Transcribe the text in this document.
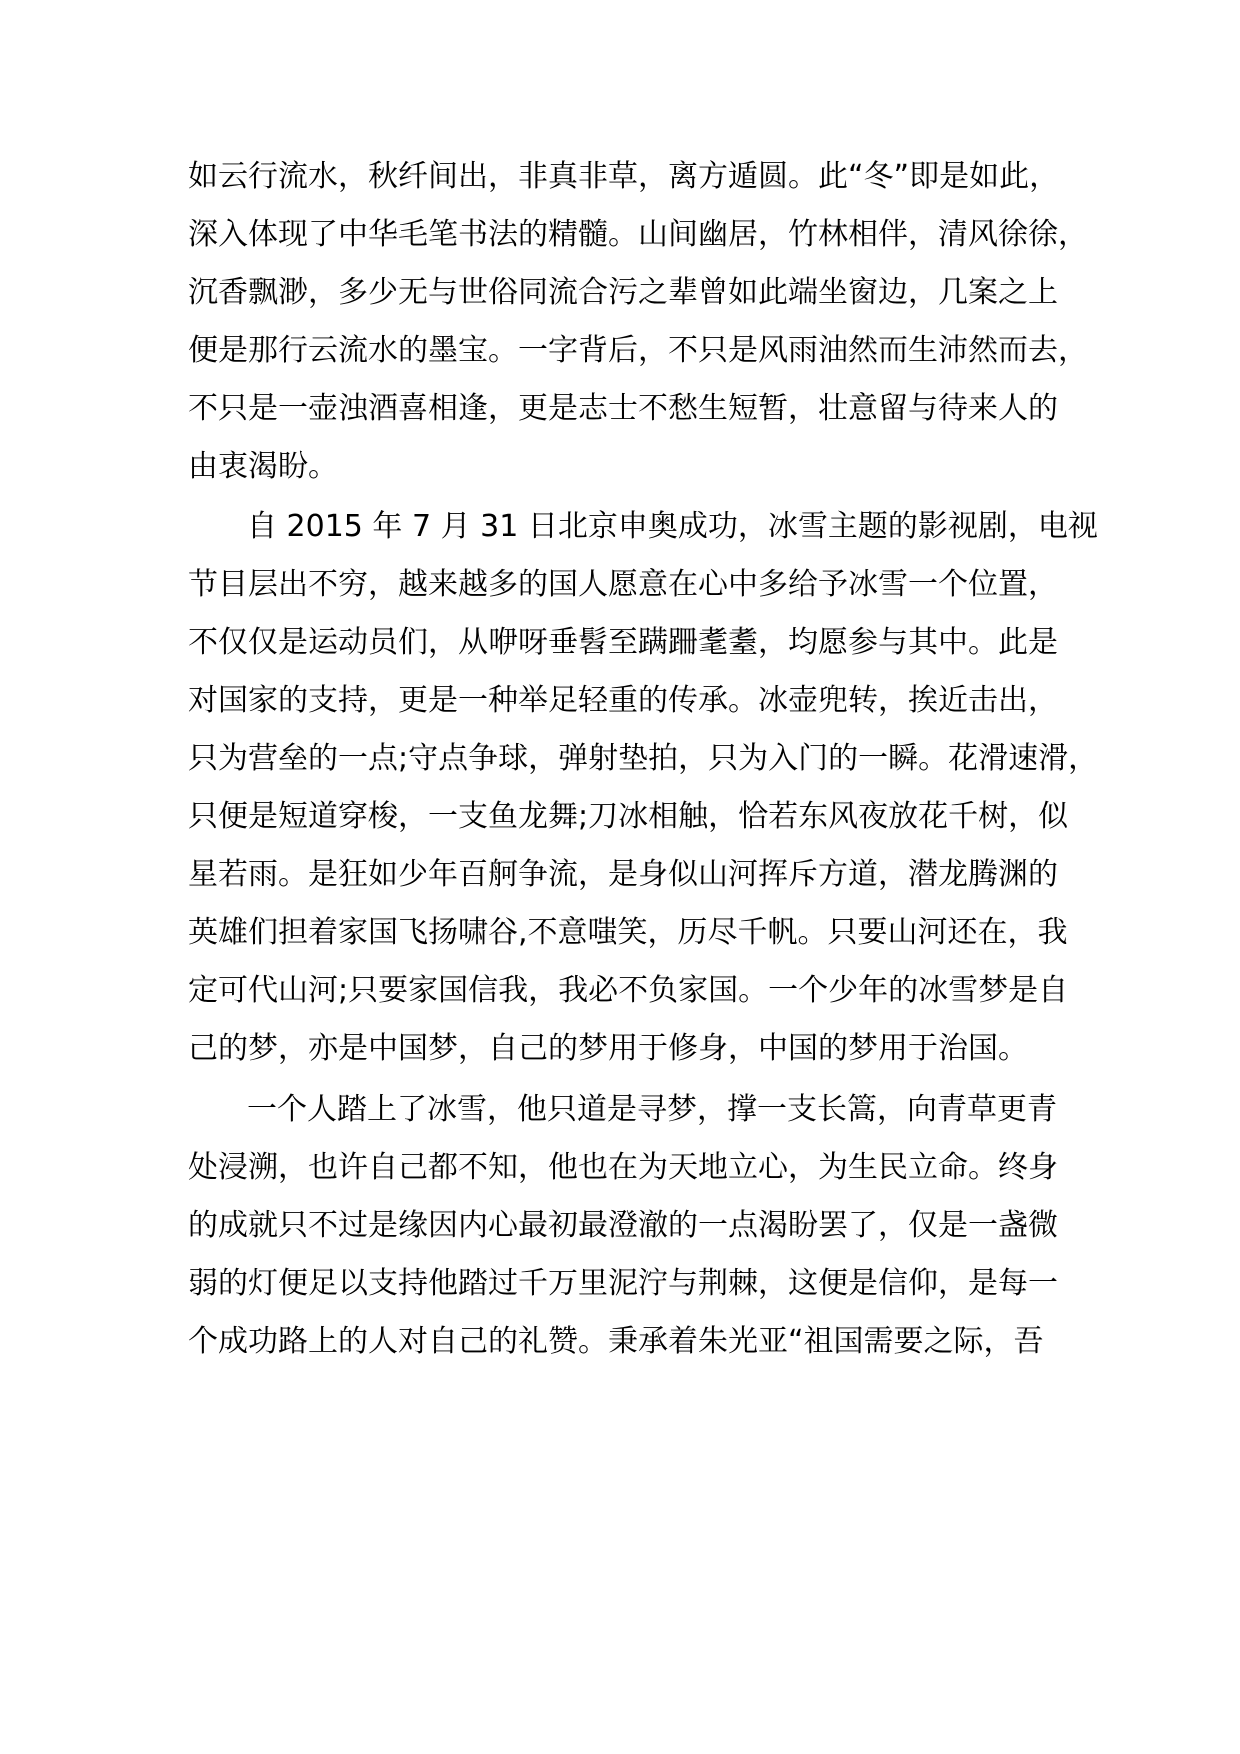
如云行流水，秋纤间出，非真非草，离方遁圆。此“冬”即是如此，

深入体现了中华毛笔书法的精髓。山间幽居，竹林相伴，清风徐徐，

沉香飘渺，多少无与世俗同流合污之辈曾如此端坐窗边，几案之上

便是那行云流水的墨宝。一字背后，不只是风雨油然而生沛然而去，

不只是一壶浊酒喜相逢，更是志士不愁生短暂，壮意留与待来人的

由衷渴盼。

自 2015 年 7 月 31 日北京申奥成功，冰雪主题的影视剧，电视

节目层出不穷，越来越多的国人愿意在心中多给予冰雪一个位置，

不仅仅是运动员们，从咿呀垂髫至蹒跚耄耋，均愿参与其中。此是

对国家的支持，更是一种举足轻重的传承。冰壶兜转，挨近击出，

只为营垒的一点;守点争球，弹射垫拍，只为入门的一瞬。花滑速滑，

只便是短道穿梭，一支鱼龙舞;刀冰相触，恰若东风夜放花千树，似

星若雨。是狂如少年百舸争流，是身似山河挥斥方道，潜龙腾渊的

英雄们担着家国飞扬啸谷,不意嗤笑，历尽千帆。只要山河还在，我

定可代山河;只要家国信我，我必不负家国。一个少年的冰雪梦是自

己的梦，亦是中国梦，自己的梦用于修身，中国的梦用于治国。

一个人踏上了冰雪，他只道是寻梦，撑一支长篙，向青草更青

处浸溯，也许自己都不知，他也在为天地立心，为生民立命。终身

的成就只不过是缘因内心最初最澄澈的一点渴盼罢了，仅是一盏微

弱的灯便足以支持他踏过千万里泥泞与荆棘，这便是信仰，是每一

个成功路上的人对自己的礼赞。秉承着朱光亚“祖国需要之际，吾
